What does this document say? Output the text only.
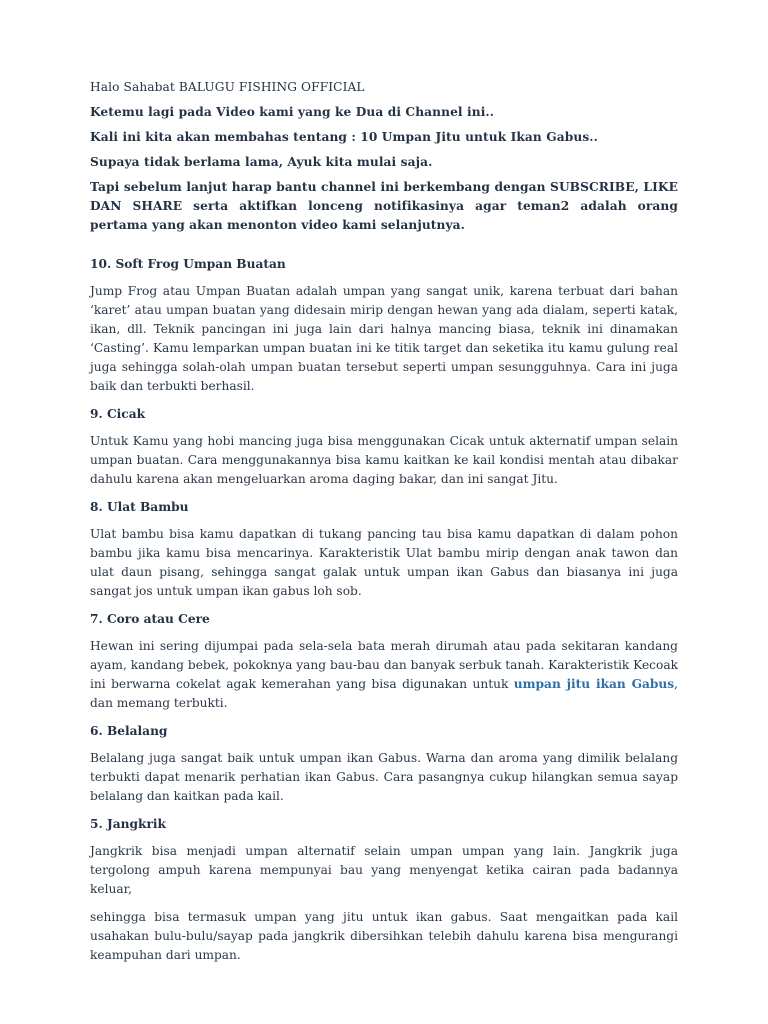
Halo Sahabat BALUGU FISHING OFFICIAL

Ketemu lagi pada Video kami yang ke Dua di Channel ini..

Kali ini kita akan membahas tentang : 10 Umpan Jitu untuk Ikan Gabus..

Supaya tidak berlama lama, Ayuk kita mulai saja.

Tapi sebelum lanjut harap bantu channel ini berkembang dengan SUBSCRIBE, LIKE DAN SHARE serta aktifkan lonceng notifikasinya agar teman2 adalah orang pertama yang akan menonton video kami selanjutnya.

10. Soft Frog Umpan Buatan

Jump Frog atau Umpan Buatan adalah umpan yang sangat unik, karena terbuat dari bahan ‘karet’ atau umpan buatan yang didesain mirip dengan hewan yang ada dialam, seperti katak, ikan, dll. Teknik pancingan ini juga lain dari halnya mancing biasa, teknik ini dinamakan ‘Casting’. Kamu lemparkan umpan buatan ini ke titik target dan seketika itu kamu gulung real juga sehingga solah-olah umpan buatan tersebut seperti umpan sesungguhnya. Cara ini juga baik dan terbukti berhasil.

9. Cicak

Untuk Kamu yang hobi mancing juga bisa menggunakan Cicak untuk akternatif umpan selain umpan buatan. Cara menggunakannya bisa kamu kaitkan ke kail kondisi mentah atau dibakar dahulu karena akan mengeluarkan aroma daging bakar, dan ini sangat Jitu.

8. Ulat Bambu

Ulat bambu bisa kamu dapatkan di tukang pancing tau bisa kamu dapatkan di dalam pohon bambu jika kamu bisa mencarinya. Karakteristik Ulat bambu mirip dengan anak tawon dan ulat daun pisang, sehingga sangat galak untuk umpan ikan Gabus dan biasanya ini juga sangat jos untuk umpan ikan gabus loh sob.

7. Coro atau Cere

Hewan ini sering dijumpai pada sela-sela bata merah dirumah atau pada sekitaran kandang ayam, kandang bebek, pokoknya yang bau-bau dan banyak serbuk tanah. Karakteristik Kecoak ini berwarna cokelat agak kemerahan yang bisa digunakan untuk umpan jitu ikan Gabus, dan memang terbukti.

6. Belalang

Belalang juga sangat baik untuk umpan ikan Gabus. Warna dan aroma yang dimilik belalang terbukti dapat menarik perhatian ikan Gabus. Cara pasangnya cukup hilangkan semua sayap belalang dan kaitkan pada kail.

5. Jangkrik

Jangkrik bisa menjadi umpan alternatif selain umpan umpan yang lain. Jangkrik juga tergolong ampuh karena mempunyai bau yang menyengat ketika cairan pada badannya keluar,

sehingga bisa termasuk umpan yang jitu untuk ikan gabus. Saat mengaitkan pada kail usahakan bulu-bulu/sayap pada jangkrik dibersihkan telebih dahulu karena bisa mengurangi keampuhan dari umpan.
